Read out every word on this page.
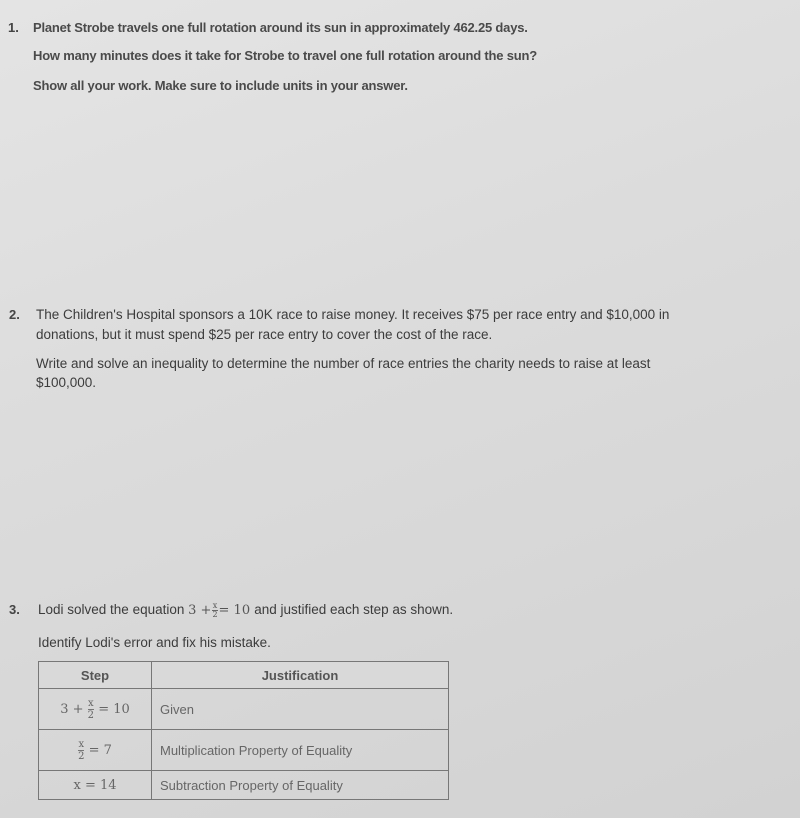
1. Planet Strobe travels one full rotation around its sun in approximately 462.25 days.
How many minutes does it take for Strobe to travel one full rotation around the sun?
Show all your work. Make sure to include units in your answer.
2. The Children's Hospital sponsors a 10K race to raise money. It receives $75 per race entry and $10,000 in
donations, but it must spend $25 per race entry to cover the cost of the race.
Write and solve an inequality to determine the number of race entries the charity needs to raise at least
$100,000.
3. Lodi solved the equation $3 + \frac{x}{2} = 10$ and justified each step as shown.
Identify Lodi's error and fix his mistake.
Step	Justification
$3 + \frac{x}{2} = 10$	Given

$\frac{x}{2} = 7$	Multiplication Property of Equality
x = 14	Subtraction Property of Equality
